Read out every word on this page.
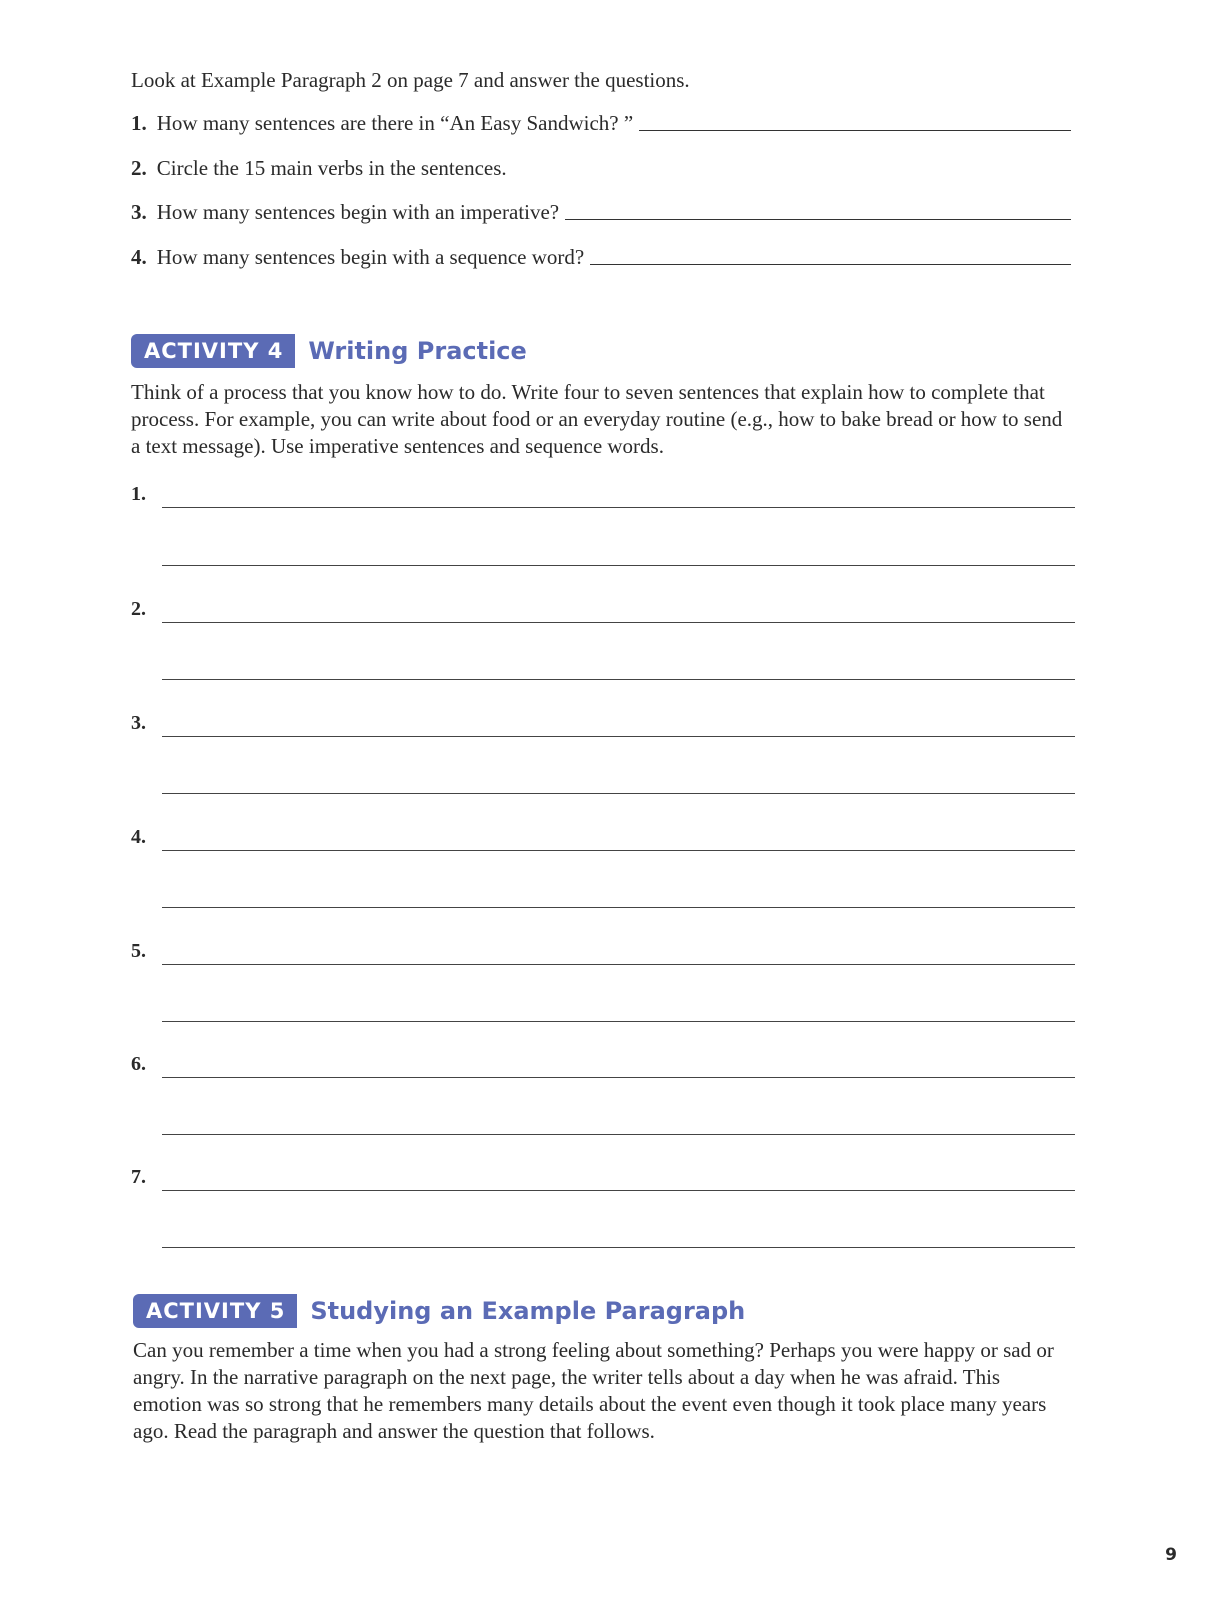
Look at Example Paragraph 2 on page 7 and answer the questions.

1. How many sentences are there in “An Easy Sandwich? ”
2. Circle the 15 main verbs in the sentences.
3. How many sentences begin with an imperative?
4. How many sentences begin with a sequence word?
ACTIVITY 4	Writing Practice

Think of a process that you know how to do. Write four to seven sentences that explain how to complete that process. For example, you can write about food or an everyday routine (e.g., how to bake bread or how to send a text message). Use imperative sentences and sequence words.

1.
2.
3.
4.
5.
6.
7.
ACTIVITY 5	Studying an Example Paragraph

Can you remember a time when you had a strong feeling about something? Perhaps you were happy or sad or angry. In the narrative paragraph on the next page, the writer tells about a day when he was afraid. This emotion was so strong that he remembers many details about the event even though it took place many years ago. Read the paragraph and answer the question that follows.

9
